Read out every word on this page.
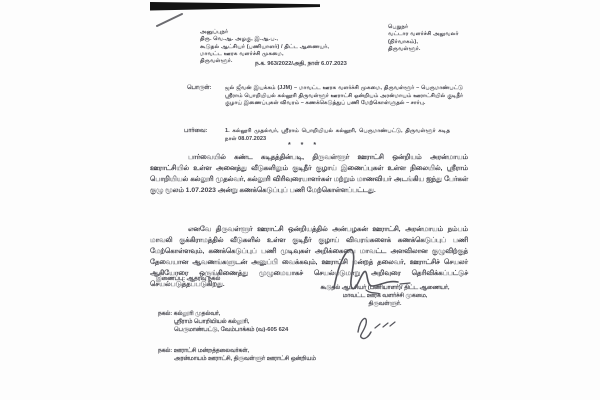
அனுப்புநர்
திரு. வெ.ஆ. அழகு, இ.ஆ.ப.,
கூடுதல் ஆட்சியர் (பணியாளர்) / திட்ட ஆணையர்,
மாவட்ட ஊரக வளர்ச்சி முகமை,
திருவள்ளூர்.
பெறுநர்
வட்டார வளர்ச்சி அலுவலர் (நிர்வாகம்),
திருவள்ளூர்.
ந.க. 963/2022/அதி, நாள் 6.07.2023
பொருள்: ஜல் ஜீவன் இயக்கம் (JJM) – மாவட்ட ஊரக வளர்ச்சி முகமை, திருவள்ளூர் – பெருமாண்பட்டு ஸ்ரீராம் பொறியியல் கல்லூரி திருவள்ளூர் ஊராட்சி ஒன்றியம் அரன்மாயம் ஊராட்சியில் குடிநீர் குழாய் இணைப்புகள் விவரம் – கணக்கெடுத்துப் பணி மேற்கொள்ளுதல் – சார்பு.
பார்வை:	1. கல்லூரி முதல்வர், ஸ்ரீராம் பொறியியல் கல்லூரி, பெருமாண்பட்டு, திருவள்ளூர் கடித நாள் 08.07.2023
* * *
பார்வையில் கண்ட கடிதத்தின்படி, திருவள்ளூர் ஊராட்சி ஒன்றியம் அரன்மாயம் ஊராட்சியில் உள்ள அனைத்து வீடுகளிலும் குடிநீர் குழாய் இணைப்புகள் உள்ள நிலையில், ஸ்ரீராம் பொறியியல் கல்லூரி முதல்வர், கல்லூரி விரிவுரையாளர்கள் மற்றும் மாணவியர் அடங்கிய ஐந்து பேர்கள் குழு மூலம் 1.07.2023 அன்று கணக்கெடுப்புப் பணி மேற்கொள்ளப்பட்டது.
எனவே திருவள்ளூர் ஊராட்சி ஒன்றியத்தில் அன்பழகன் ஊராட்சி, அரன்மாயம் நம்பம் மாவலி குக்கிராமத்தில் வீடுகளில் உள்ள குடிநீர் குழாய் விவரங்களைக் கணக்கெடுப்புப் பணி மேற்கொள்ளவும், கணக்கெடுப்புப் பணி முடிவுகள் அறிக்கையை மாவட்ட அளவிலான குழுவிற்குத் தேவையான ஆவணங்களுடன் அனுப்பி வைக்கவும், ஊராட்சி மன்றத் தலைவர், ஊராட்சிச் செயலர் ஆகியோரை ஒருங்கிணைத்து முழுமையாகச் செயல்படுமாறு அறிவுரை தெரிவிக்கப்பட்டுச் செயல்படுத்தப்படுகிறது.
இணைப்பு: ஆதரவு நகல்
கூடுதல் ஆட்சியர் (பணியாளர்)/ திட்ட ஆணையர்,
மாவட்ட ஊரக வளர்ச்சி முகமை,
திருவள்ளூர்.
நகல்: கல்லூரி முதல்வர்,
ஸ்ரீராம் பொறியியல் கல்லூரி,
பெருமாண்பட்டு, வேம்பாக்கம் (வ)-605 624
நகல்: ஊராட்சி மன்றத்தலைவர்கள்,
அரன்மாயம் ஊராட்சி, திருவள்ளூர் ஊராட்சி ஒன்றியம்
